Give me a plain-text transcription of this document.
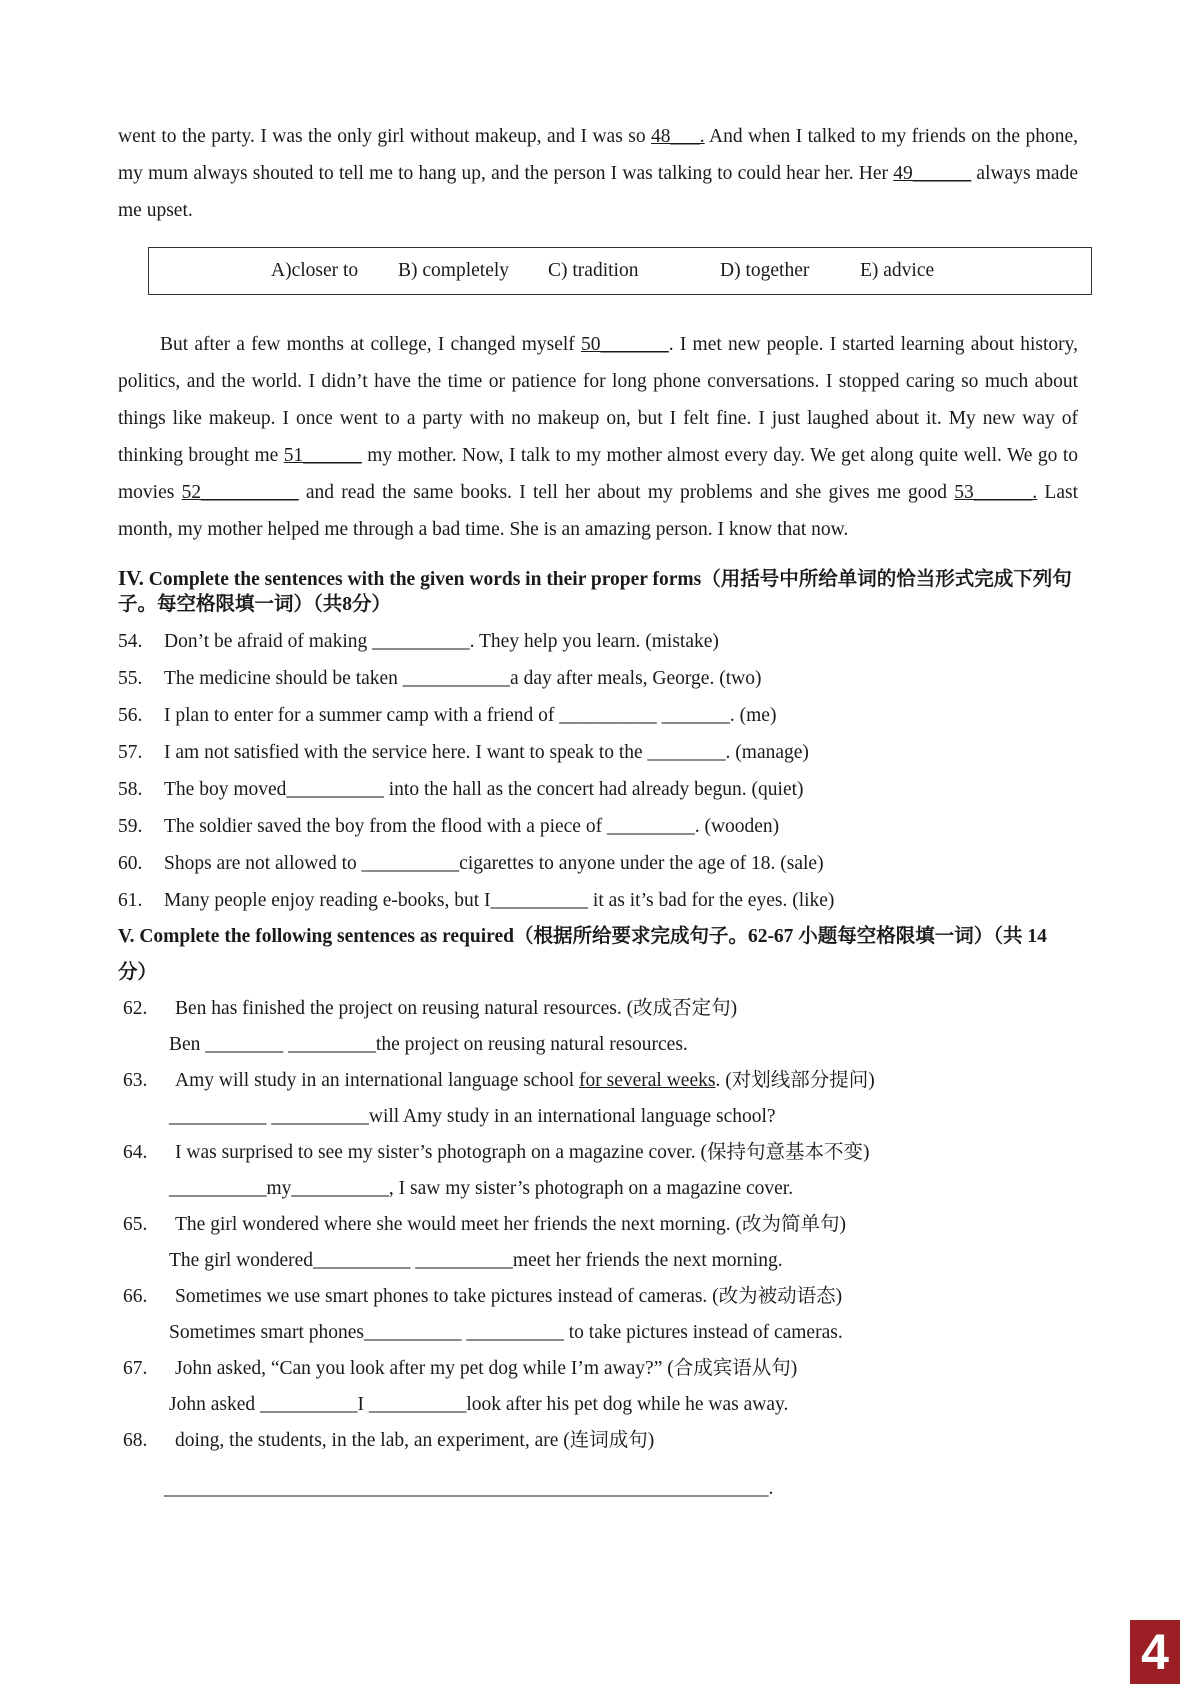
went to the party. I was the only girl without makeup, and I was so 48___. And when I talked to my friends on the phone, my mum always shouted to tell me to hang up, and the person I was talking to could hear her. Her 49______ always made me upset.

A)closer to	B) completely	C) tradition	D) together	E) advice

But after a few months at college, I changed myself 50_______. I met new people. I started learning about history, politics, and the world. I didn’t have the time or patience for long phone conversations. I stopped caring so much about things like makeup. I once went to a party with no makeup on, but I felt fine. I just laughed about it. My new way of thinking brought me 51______ my mother. Now, I talk to my mother almost every day. We get along quite well. We go to movies 52__________ and read the same books. I tell her about my problems and she gives me good 53______. Last month, my mother helped me through a bad time. She is an amazing person. I know that now.

IV. Complete the sentences with the given words in their proper forms（用括号中所给单词的恰当形式完成下列句子。每空格限填一词）（共8分）

54.	Don’t be afraid of making __________. They help you learn. (mistake)

55.	The medicine should be taken ___________a day after meals, George. (two)

56.	I plan to enter for a summer camp with a friend of __________ _______. (me)

57.	I am not satisfied with the service here. I want to speak to the ________. (manage)

58.	The boy moved__________ into the hall as the concert had already begun. (quiet)

59.	The soldier saved the boy from the flood with a piece of _________. (wooden)

60.	Shops are not allowed to __________cigarettes to anyone under the age of 18. (sale)

61.	Many people enjoy reading e-books, but I__________ it as it’s bad for the eyes. (like)

V. Complete the following sentences as required（根据所给要求完成句子。62-67 小题每空格限填一词）（共 14 分）

62.	Ben has finished the project on reusing natural resources. (改成否定句)

Ben ________ _________the project on reusing natural resources.

63.	Amy will study in an international language school for several weeks. (对划线部分提问)

__________ __________will Amy study in an international language school?

64.	I was surprised to see my sister’s photograph on a magazine cover. (保持句意基本不变)

__________my__________, I saw my sister’s photograph on a magazine cover.

65.	The girl wondered where she would meet her friends the next morning. (改为简单句)

The girl wondered__________ __________meet her friends the next morning.

66.	Sometimes we use smart phones to take pictures instead of cameras. (改为被动语态)

Sometimes smart phones__________ __________ to take pictures instead of cameras.

67.	John asked, “Can you look after my pet dog while I’m away?” (合成宾语从句)

John asked __________I __________look after his pet dog while he was away.

68.	doing, the students, in the lab, an experiment, are (连词成句)

______________________________________________________________.

4
